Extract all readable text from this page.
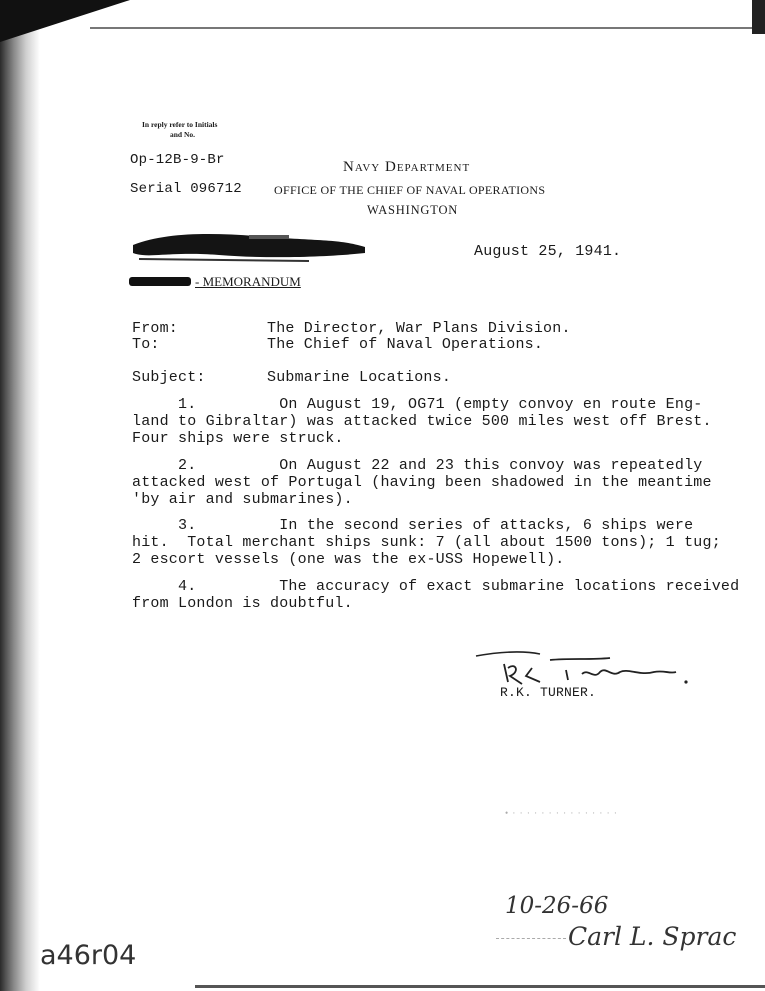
In reply refer to Initials
and No.
Op-12B-9-Br
Serial 096712
Navy Department
OFFICE OF THE CHIEF OF NAVAL OPERATIONS
WASHINGTON
August 25, 1941.
- MEMORANDUM
From:	The Director, War Plans Division.
To:	The Chief of Naval Operations.
Subject:	Submarine Locations.
1.         On August 19, OG71 (empty convoy en route Eng-
land to Gibraltar) was attacked twice 500 miles west off Brest.
Four ships were struck.
2.         On August 22 and 23 this convoy was repeatedly
attacked west of Portugal (having been shadowed in the meantime
'by air and submarines).
3.         In the second series of attacks, 6 ships were
hit.  Total merchant ships sunk: 7 (all about 1500 tons); 1 tug;
2 escort vessels (one was the ex-USS Hopewell).
4.         The accuracy of exact submarine locations received
from London is doubtful.
R.K. TURNER.
• · · · · · · · · · · · · · · ·
10-26-66
Carl L. Sprac
a46r04
